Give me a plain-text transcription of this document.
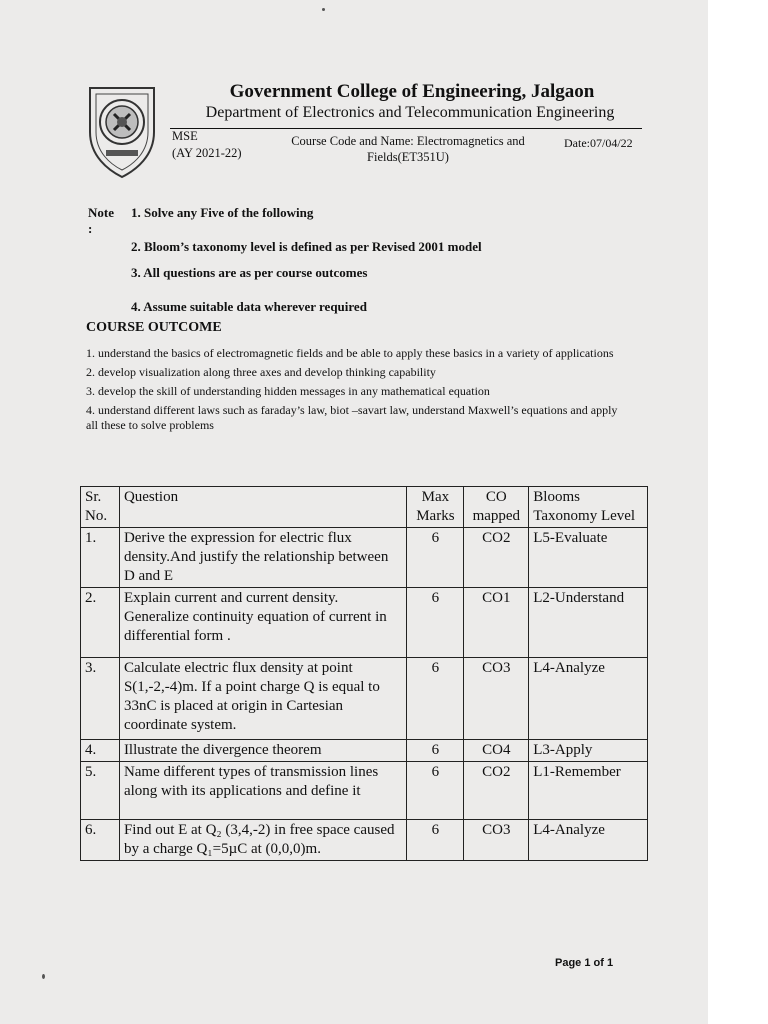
Government College of Engineering, Jalgaon
Department of Electronics and Telecommunication Engineering
MSE
(AY 2021-22)
Course Code and Name: Electromagnetics and
Fields(ET351U)
Date:07/04/22
Note :
1. Solve any Five of the following
2. Bloom’s taxonomy level is defined as per Revised 2001 model
3. All questions are as per course outcomes
4. Assume suitable data wherever required
COURSE OUTCOME
1. understand the basics of electromagnetic fields and be able to apply these basics in a variety of applications
2. develop visualization along three axes and develop thinking capability
3. develop the skill of understanding hidden messages in any mathematical equation
4. understand different laws such as faraday’s law, biot –savart law, understand Maxwell’s equations and apply all these to solve problems
Sr. No.	Question	Max Marks	CO mapped	Blooms Taxonomy Level
1.	Derive the expression for electric flux density.And justify the relationship between D and E	6	CO2	L5-Evaluate
2.	Explain current and current density. Generalize continuity equation of current in differential form .	6	CO1	L2-Understand
3.	Calculate electric flux density at point S(1,-2,-4)m. If a point charge Q is equal to 33nC is placed at origin in Cartesian coordinate system.	6	CO3	L4-Analyze
4.	Illustrate the divergence theorem	6	CO4	L3-Apply
5.	Name different types of transmission lines along with its applications and define it	6	CO2	L1-Remember
6.	Find out E at Q₂ (3,4,-2) in free space caused by a charge Q₁=5µC at (0,0,0)m.	6	CO3	L4-Analyze
Page 1 of 1
